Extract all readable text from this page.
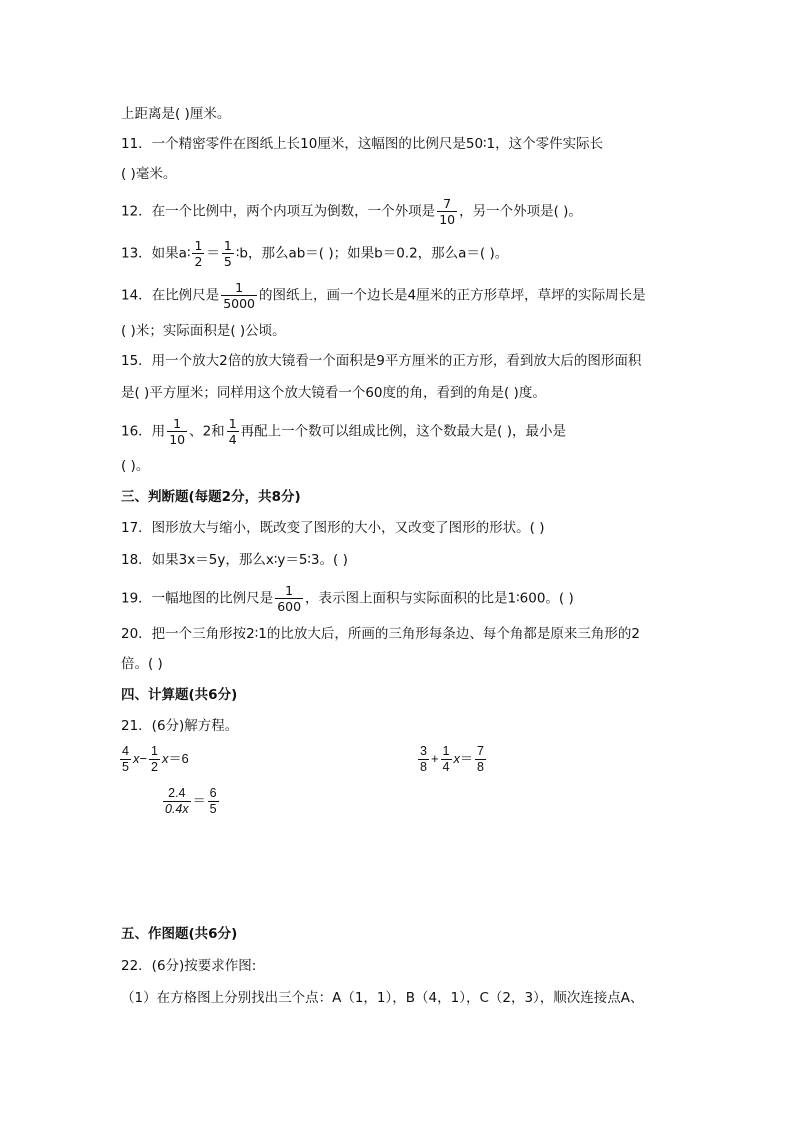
上距离是( )厘米。
11．一个精密零件在图纸上长10厘米，这幅图的比例尺是50∶1，这个零件实际长
( )毫米。
12．在一个比例中，两个内项互为倒数，一个外项是 $\frac{7}{10}$ ，另一个外项是( )。
13．如果a∶ $\frac{1}{2} = \frac{1}{5}$ ∶b，那么ab＝( )；如果b＝0.2，那么a＝( )。
14．在比例尺是 $\frac{1}{5000}$ 的图纸上，画一个边长是4厘米的正方形草坪，草坪的实际周长是
( )米；实际面积是( )公顷。
15．用一个放大2倍的放大镜看一个面积是9平方厘米的正方形，看到放大后的图形面积
是( )平方厘米；同样用这个放大镜看一个60度的角，看到的角是( )度。
16．用 $\frac{1}{10}$ 、2和 $\frac{1}{4}$ 再配上一个数可以组成比例，这个数最大是( )，最小是
( )。
三、判断题(每题2分，共8分)
17．图形放大与缩小，既改变了图形的大小，又改变了图形的形状。( )
18．如果3x＝5y，那么x∶y＝5∶3。( )
19．一幅地图的比例尺是 $\frac{1}{600}$ ，表示图上面积与实际面积的比是1∶600。( )
20．把一个三角形按2∶1的比放大后，所画的三角形每条边、每个角都是原来三角形的2
倍。( )
四、计算题(共6分)
21．(6分)解方程。
$\frac{4}{5} x- \frac{1}{2} x=6$	$\frac{3}{8} + \frac{1}{4} x= \frac{7}{8}$
$\frac{2.4}{0.4x} = \frac{6}{5}$
五、作图题(共6分)
22．(6分)按要求作图:
（1）在方格图上分别找出三个点：A（1，1），B（4，1），C（2，3），顺次连接点A、
